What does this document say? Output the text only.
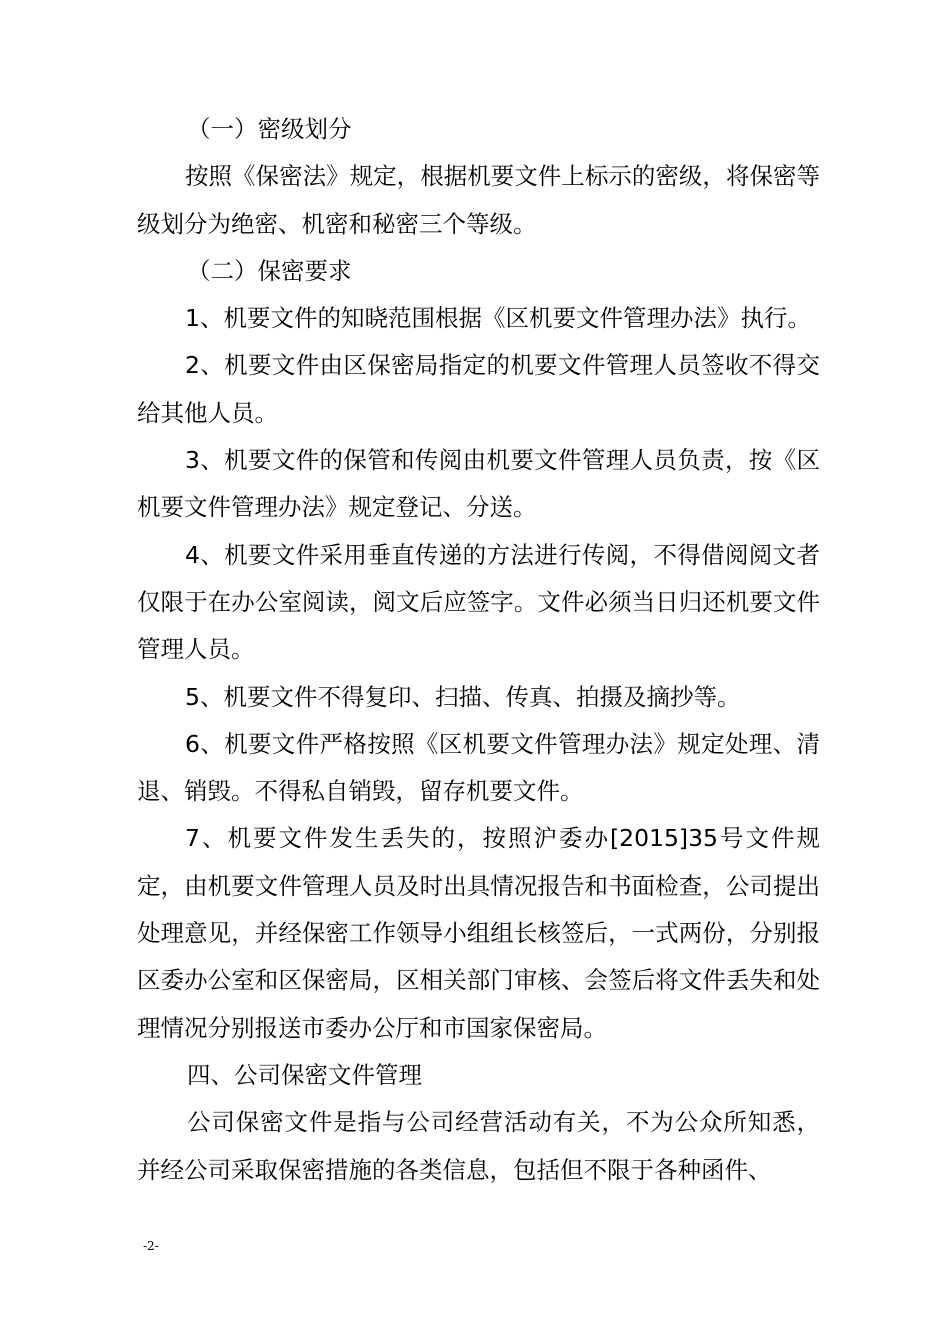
（一）密级划分

按照《保密法》规定，根据机要文件上标示的密级，将保密等级划分为绝密、机密和秘密三个等级。

（二）保密要求

1、机要文件的知晓范围根据《区机要文件管理办法》执行。

2、机要文件由区保密局指定的机要文件管理人员签收不得交给其他人员。

3、机要文件的保管和传阅由机要文件管理人员负责，按《区机要文件管理办法》规定登记、分送。

4、机要文件采用垂直传递的方法进行传阅，不得借阅阅文者仅限于在办公室阅读，阅文后应签字。文件必须当日归还机要文件管理人员。

5、机要文件不得复印、扫描、传真、拍摄及摘抄等。

6、机要文件严格按照《区机要文件管理办法》规定处理、清退、销毁。不得私自销毁，留存机要文件。

7、机要文件发生丢失的，按照沪委办[2015]35号文件规定，由机要文件管理人员及时出具情况报告和书面检查，公司提出处理意见，并经保密工作领导小组组长核签后，一式两份，分别报区委办公室和区保密局，区相关部门审核、会签后将文件丢失和处理情况分别报送市委办公厅和市国家保密局。

四、公司保密文件管理

公司保密文件是指与公司经营活动有关，不为公众所知悉，并经公司采取保密措施的各类信息，包括但不限于各种函件、

-2-
